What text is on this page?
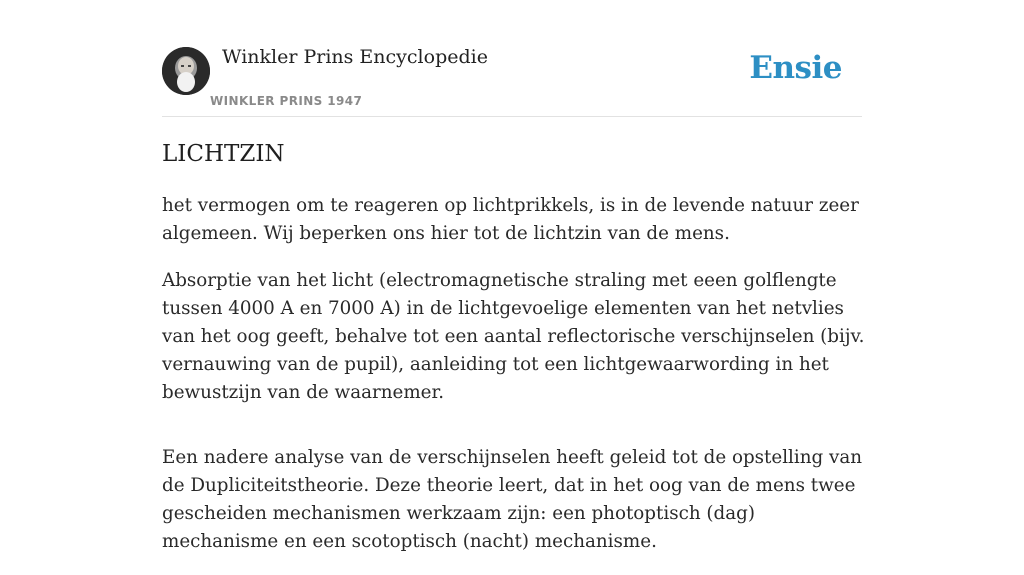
Winkler Prins Encyclopedie
WINKLER PRINS 1947
Ensie
LICHTZIN

het vermogen om te reageren op lichtprikkels, is in de levende natuur zeer algemeen. Wij beperken ons hier tot de lichtzin van de mens.

Absorptie van het licht (electromagnetische straling met eeen golflengte tussen 4000 A en 7000 A) in de lichtgevoelige elementen van het netvlies van het oog geeft, behalve tot een aantal reflectorische verschijnselen (bijv. vernauwing van de pupil), aanleiding tot een lichtgewaarwording in het bewustzijn van de waarnemer.

Een nadere analyse van de verschijnselen heeft geleid tot de opstelling van de Dupliciteitstheorie. Deze theorie leert, dat in het oog van de mens twee gescheiden mechanismen werkzaam zijn: een photoptisch (dag) mechanisme en een scotoptisch (nacht) mechanisme.
